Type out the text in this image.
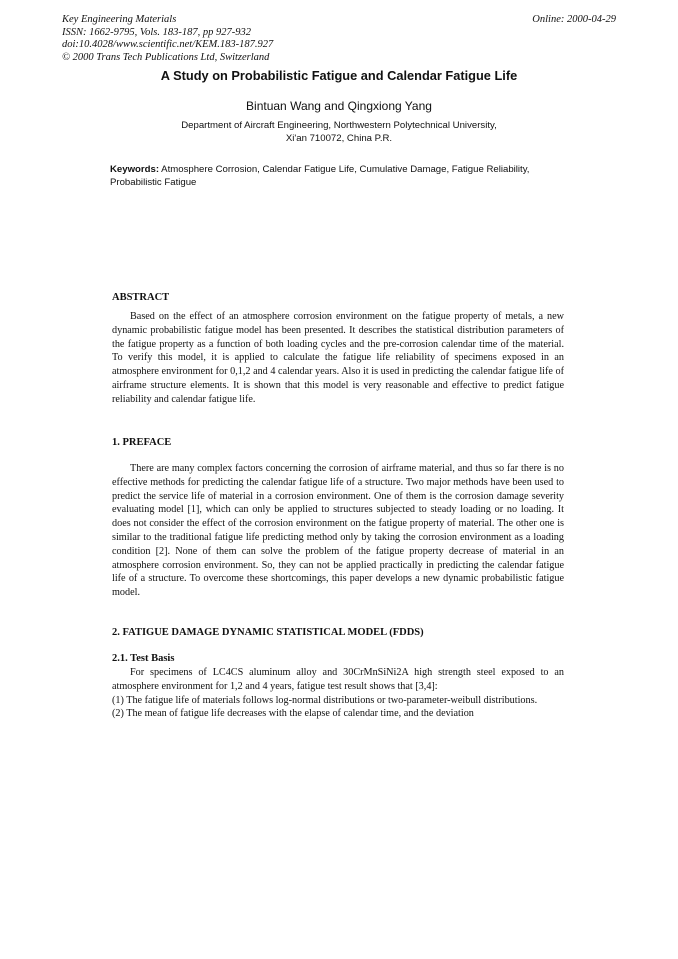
Key Engineering Materials
ISSN: 1662-9795, Vols. 183-187, pp 927-932
doi:10.4028/www.scientific.net/KEM.183-187.927
© 2000 Trans Tech Publications Ltd, Switzerland
Online: 2000-04-29
A Study on Probabilistic Fatigue and Calendar Fatigue Life
Bintuan Wang and Qingxiong Yang
Department of Aircraft Engineering, Northwestern Polytechnical University,
Xi'an 710072, China P.R.
Keywords: Atmosphere Corrosion, Calendar Fatigue Life, Cumulative Damage, Fatigue Reliability, Probabilistic Fatigue
ABSTRACT
Based on the effect of an atmosphere corrosion environment on the fatigue property of metals, a new dynamic probabilistic fatigue model has been presented. It describes the statistical distribution parameters of the fatigue property as a function of both loading cycles and the pre-corrosion calendar time of the material. To verify this model, it is applied to calculate the fatigue life reliability of specimens exposed in an atmosphere environment for 0,1,2 and 4 calendar years. Also it is used in predicting the calendar fatigue life of airframe structure elements. It is shown that this model is very reasonable and effective to predict fatigue reliability and calendar fatigue life.
1. PREFACE
There are many complex factors concerning the corrosion of airframe material, and thus so far there is no effective methods for predicting the calendar fatigue life of a structure. Two major methods have been used to predict the service life of material in a corrosion environment. One of them is the corrosion damage severity evaluating model [1], which can only be applied to structures subjected to steady loading or no loading. It does not consider the effect of the corrosion environment on the fatigue property of material. The other one is similar to the traditional fatigue life predicting method only by taking the corrosion environment as a loading condition [2]. None of them can solve the problem of the fatigue property decrease of material in an atmosphere corrosion environment. So, they can not be applied practically in predicting the calendar fatigue life of a structure. To overcome these shortcomings, this paper develops a new dynamic probabilistic fatigue model.
2. FATIGUE DAMAGE DYNAMIC STATISTICAL MODEL (FDDS)
2.1. Test Basis

For specimens of LC4CS aluminum alloy and 30CrMnSiNi2A high strength steel exposed to an atmosphere environment for 1,2 and 4 years, fatigue test result shows that [3,4]:

(1) The fatigue life of materials follows log-normal distributions or two-parameter-weibull distributions.

(2) The mean of fatigue life decreases with the elapse of calendar time, and the deviation
